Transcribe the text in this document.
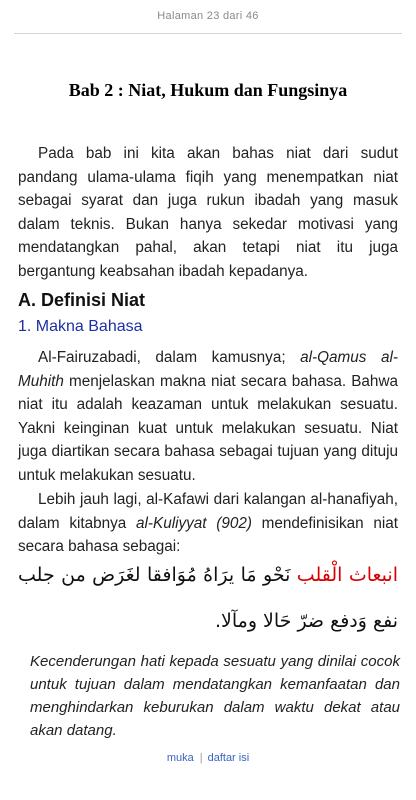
Halaman 23 dari 46
Bab 2 : Niat, Hukum dan Fungsinya

Pada bab ini kita akan bahas niat dari sudut pandang ulama-ulama fiqih yang menempatkan niat sebagai syarat dan juga rukun ibadah yang masuk dalam teknis. Bukan hanya sekedar motivasi yang mendatangkan pahal, akan tetapi niat itu juga bergantung keabsahan ibadah kepadanya.

A. Definisi Niat
1. Makna Bahasa

Al-Fairuzabadi, dalam kamusnya; al-Qamus al-Muhith menjelaskan makna niat secara bahasa. Bahwa niat itu adalah keazaman untuk melakukan sesuatu. Yakni keinginan kuat untuk melakukan sesuatu. Niat juga diartikan secara bahasa sebagai tujuan yang dituju untuk melakukan sesuatu.

Lebih jauh lagi, al-Kafawi dari kalangan al-hanafiyah, dalam kitabnya al-Kuliyyat (902) mendefinisikan niat secara bahasa sebagai:

انبعاث الْقلب نَحْو مَا يرَاهُ مُوَافقا لغَرَض من جلب

نفع وَدفع ضرّ حَالا ومآلا.

Kecenderungan hati kepada sesuatu yang dinilai cocok untuk tujuan dalam mendatangkan kemanfaatan dan menghindarkan keburukan dalam waktu dekat atau akan datang.

muka | daftar isi
